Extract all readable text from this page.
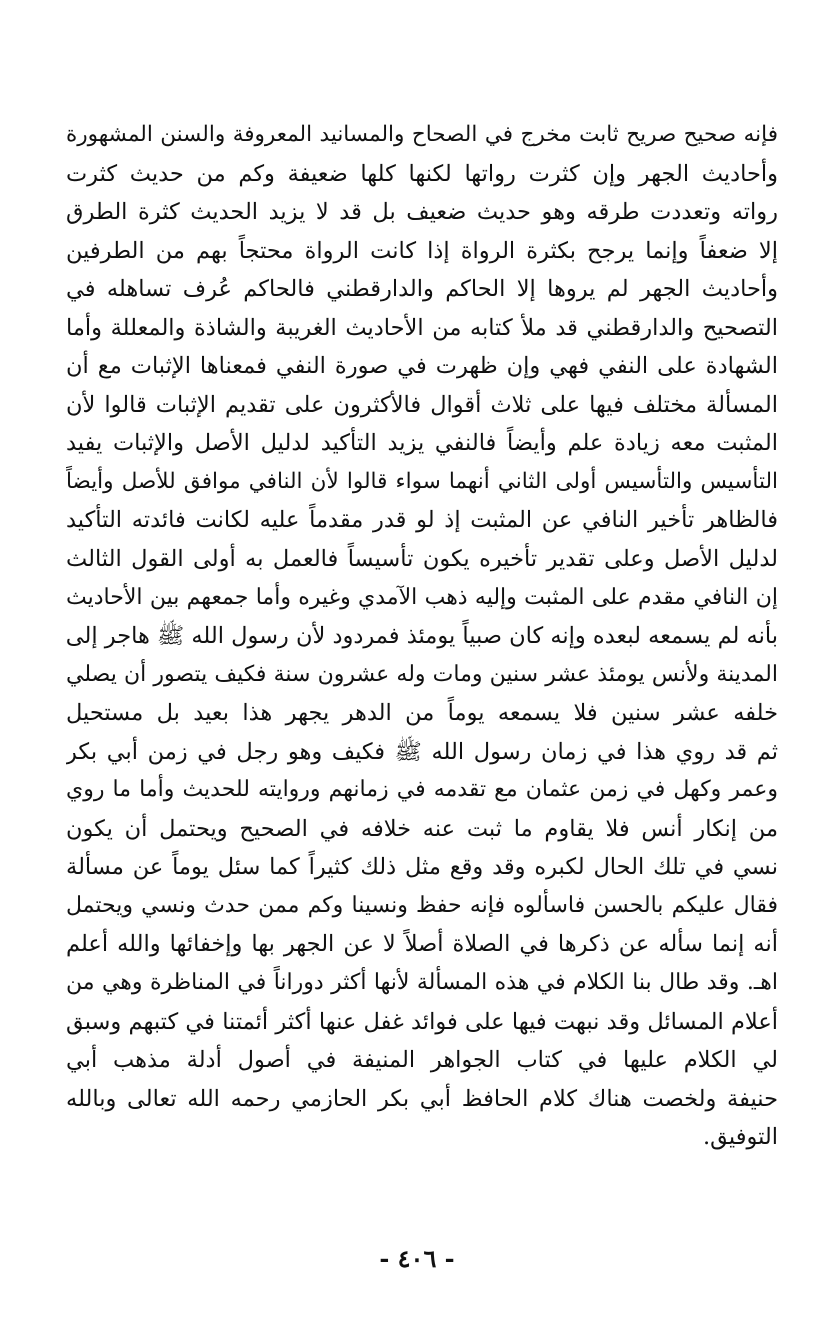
فإنه صحيح صريح ثابت مخرج في الصحاح والمسانيد المعروفة والسنن المشهورة
وأحاديث الجهر وإن كثرت رواتها لكنها كلها ضعيفة وكم من حديث كثرت
رواته وتعددت طرقه وهو حديث ضعيف بل قد لا يزيد الحديث كثرة الطرق
إلا ضعفاً وإنما يرجح بكثرة الرواة إذا كانت الرواة محتجاً بهم من الطرفين
وأحاديث الجهر لم يروها إلا الحاكم والدارقطني فالحاكم عُرف تساهله في
التصحيح والدارقطني قد ملأ كتابه من الأحاديث الغريبة والشاذة والمعللة وأما
الشهادة على النفي فهي وإن ظهرت في صورة النفي فمعناها الإثبات مع أن
المسألة مختلف فيها على ثلاث أقوال فالأكثرون على تقديم الإثبات قالوا لأن
المثبت معه زيادة علم وأيضاً فالنفي يزيد التأكيد لدليل الأصل والإثبات يفيد
التأسيس والتأسيس أولى الثاني أنهما سواء قالوا لأن النافي موافق للأصل وأيضاً
فالظاهر تأخير النافي عن المثبت إذ لو قدر مقدماً عليه لكانت فائدته التأكيد
لدليل الأصل وعلى تقدير تأخيره يكون تأسيساً فالعمل به أولى القول الثالث
إن النافي مقدم على المثبت وإليه ذهب الآمدي وغيره وأما جمعهم بين الأحاديث
بأنه لم يسمعه لبعده وإنه كان صبياً يومئذ فمردود لأن رسول الله ﷺ هاجر إلى
المدينة ولأنس يومئذ عشر سنين ومات وله عشرون سنة فكيف يتصور أن يصلي
خلفه عشر سنين فلا يسمعه يوماً من الدهر يجهر هذا بعيد بل مستحيل
ثم قد روي هذا في زمان رسول الله ﷺ فكيف وهو رجل في زمن أبي بكر
وعمر وكهل في زمن عثمان مع تقدمه في زمانهم وروايته للحديث وأما ما روي
من إنكار أنس فلا يقاوم ما ثبت عنه خلافه في الصحيح ويحتمل أن يكون
نسي في تلك الحال لكبره وقد وقع مثل ذلك كثيراً كما سئل يوماً عن مسألة
فقال عليكم بالحسن فاسألوه فإنه حفظ ونسينا وكم ممن حدث ونسي ويحتمل
أنه إنما سأله عن ذكرها في الصلاة أصلاً لا عن الجهر بها وإخفائها والله أعلم
اهـ. وقد طال بنا الكلام في هذه المسألة لأنها أكثر دوراناً في المناظرة وهي من
أعلام المسائل وقد نبهت فيها على فوائد غفل عنها أكثر أئمتنا في كتبهم وسبق
لي الكلام عليها في كتاب الجواهر المنيفة في أصول أدلة مذهب أبي
حنيفة ولخصت هناك كلام الحافظ أبي بكر الحازمي رحمه الله تعالى وبالله
التوفيق.
- ٤٠٦ -
